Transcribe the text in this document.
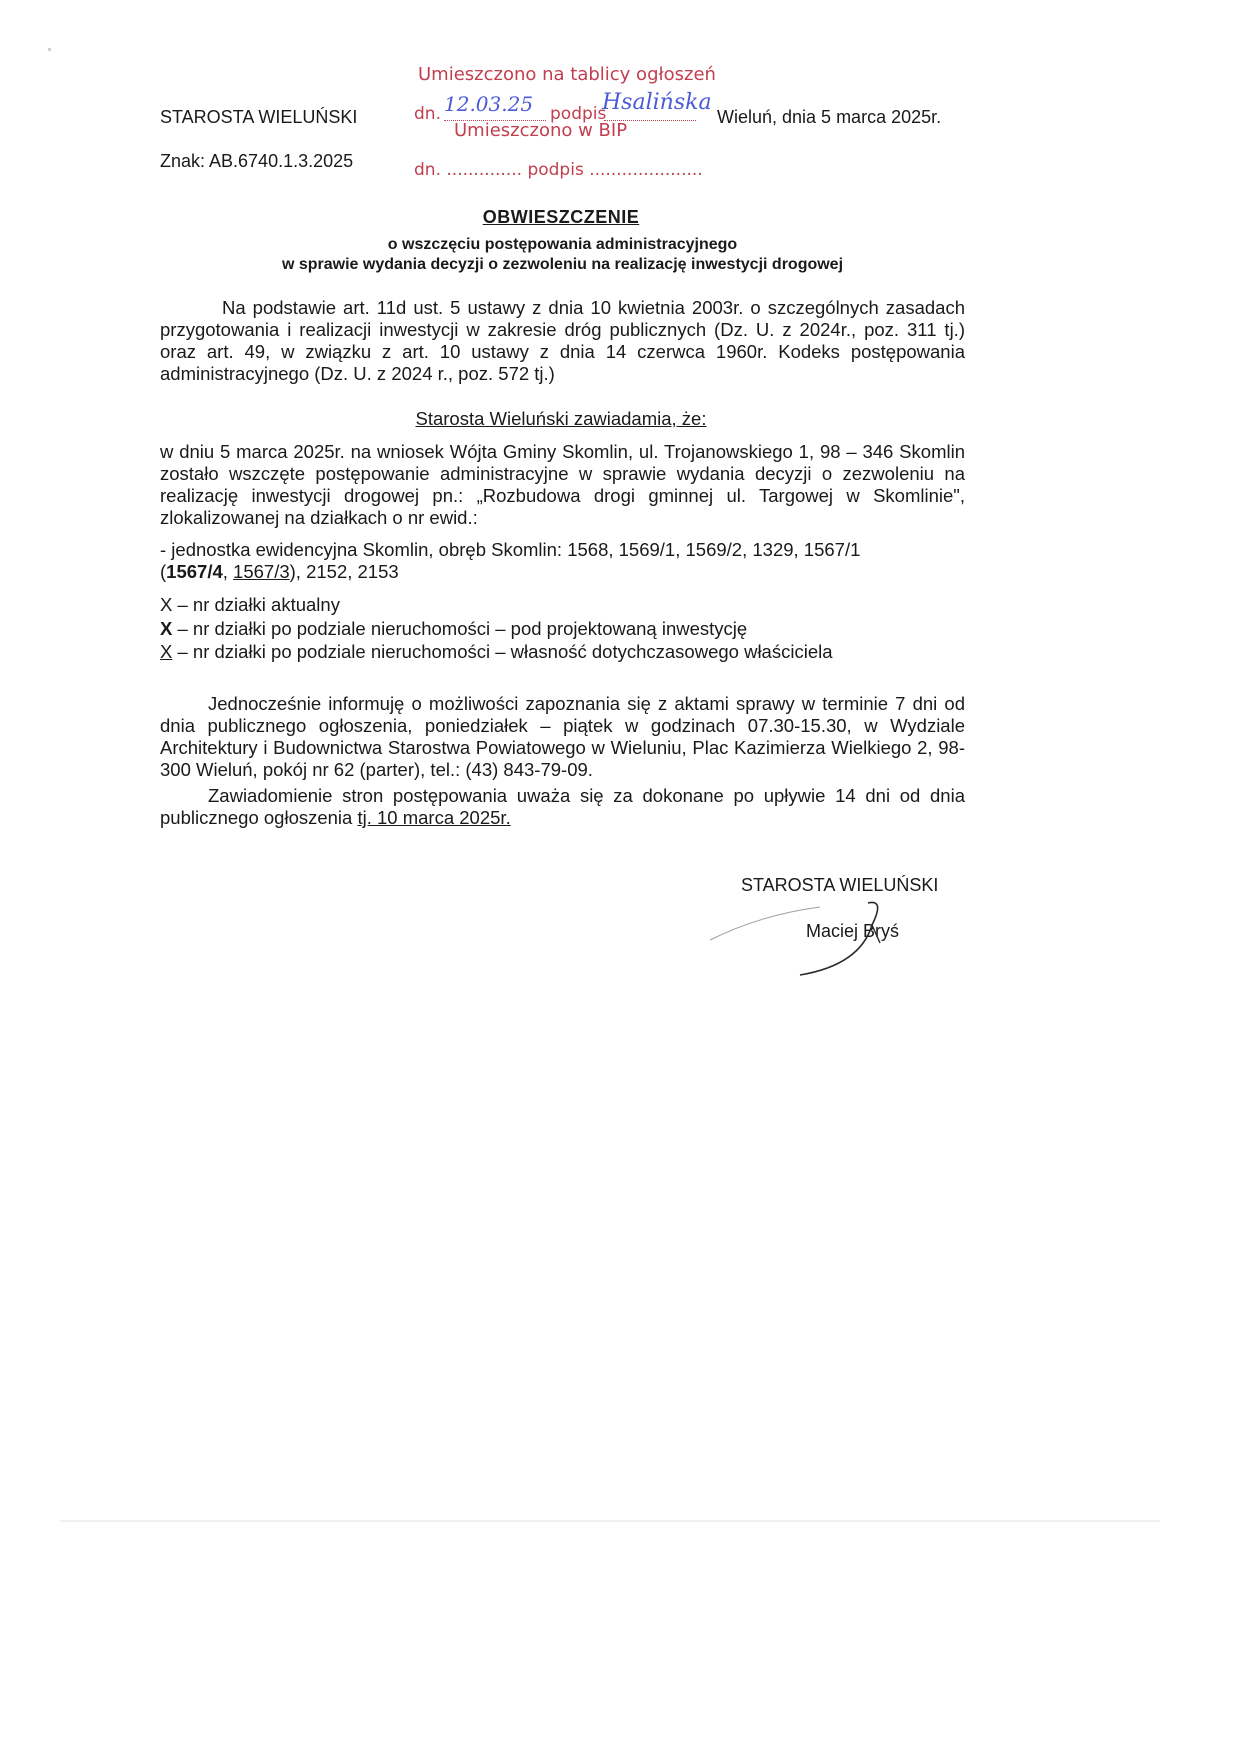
STAROSTA WIELUŃSKI
Znak: AB.6740.1.3.2025
Wieluń, dnia 5 marca 2025r.
Umieszczono na tablicy ogłoszeń
dn. 12.03.25 podpis
Hsalińska
Umieszczono w BIP
dn. .............. podpis .....................
OBWIESZCZENIE
o wszczęciu postępowania administracyjnego
w sprawie wydania decyzji o zezwoleniu na realizację inwestycji drogowej
Na podstawie art. 11d ust. 5 ustawy z dnia 10 kwietnia 2003r. o szczególnych zasadach przygotowania i realizacji inwestycji w zakresie dróg publicznych (Dz. U. z 2024r., poz. 311 tj.) oraz art. 49, w związku z art. 10 ustawy z dnia 14 czerwca 1960r. Kodeks postępowania administracyjnego (Dz. U. z 2024 r., poz. 572 tj.)
Starosta Wieluński zawiadamia, że:
w dniu 5 marca 2025r. na wniosek Wójta Gminy Skomlin, ul. Trojanowskiego 1, 98 – 346 Skomlin zostało wszczęte postępowanie administracyjne w sprawie wydania decyzji o zezwoleniu na realizację inwestycji drogowej pn.: „Rozbudowa drogi gminnej ul. Targowej w Skomlinie", zlokalizowanej na działkach o nr ewid.:
- jednostka ewidencyjna Skomlin, obręb Skomlin: 1568, 1569/1, 1569/2, 1329, 1567/1
(1567/4, 1567/3), 2152, 2153
X – nr działki aktualny
X – nr działki po podziale nieruchomości – pod projektowaną inwestycję
X – nr działki po podziale nieruchomości – własność dotychczasowego właściciela
Jednocześnie informuję o możliwości zapoznania się z aktami sprawy w terminie 7 dni od dnia publicznego ogłoszenia, poniedziałek – piątek w godzinach 07.30-15.30, w Wydziale Architektury i Budownictwa Starostwa Powiatowego w Wieluniu, Plac Kazimierza Wielkiego 2, 98-300 Wieluń, pokój nr 62 (parter), tel.: (43) 843-79-09.
Zawiadomienie stron postępowania uważa się za dokonane po upływie 14 dni od dnia publicznego ogłoszenia tj. 10 marca 2025r.
STAROSTA WIELUŃSKI
Maciej Bryś
